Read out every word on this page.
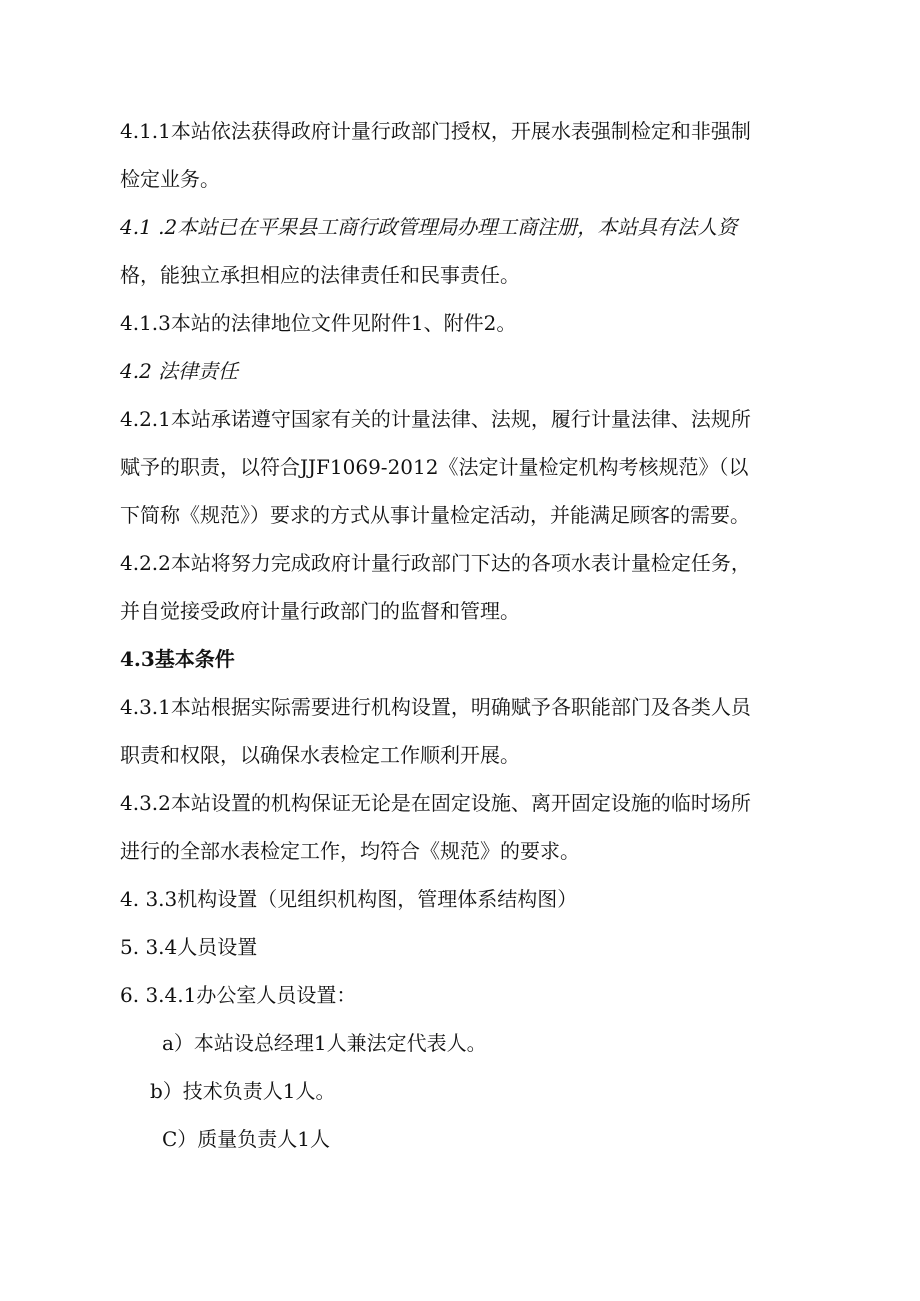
4.1.1本站依法获得政府计量行政部门授权，开展水表强制检定和非强制
检定业务。
4.1 .2本站已在平果县工商行政管理局办理工商注册，本站具有法人资
格，能独立承担相应的法律责任和民事责任。
4.1.3本站的法律地位文件见附件1、附件2。
4.2 法律责任
4.2.1本站承诺遵守国家有关的计量法律、法规，履行计量法律、法规所
赋予的职责，以符合JJF1069-2012《法定计量检定机构考核规范》（以
下简称《规范》）要求的方式从事计量检定活动，并能满足顾客的需要。
4.2.2本站将努力完成政府计量行政部门下达的各项水表计量检定任务，
并自觉接受政府计量行政部门的监督和管理。
4.3基本条件
4.3.1本站根据实际需要进行机构设置，明确赋予各职能部门及各类人员
职责和权限，以确保水表检定工作顺利开展。
4.3.2本站设置的机构保证无论是在固定设施、离开固定设施的临时场所
进行的全部水表检定工作，均符合《规范》的要求。
4. 3.3机构设置（见组织机构图，管理体系结构图）
5. 3.4人员设置
6. 3.4.1办公室人员设置：
a）本站设总经理1人兼法定代表人。
b）技术负责人1人。
C）质量负责人1人
